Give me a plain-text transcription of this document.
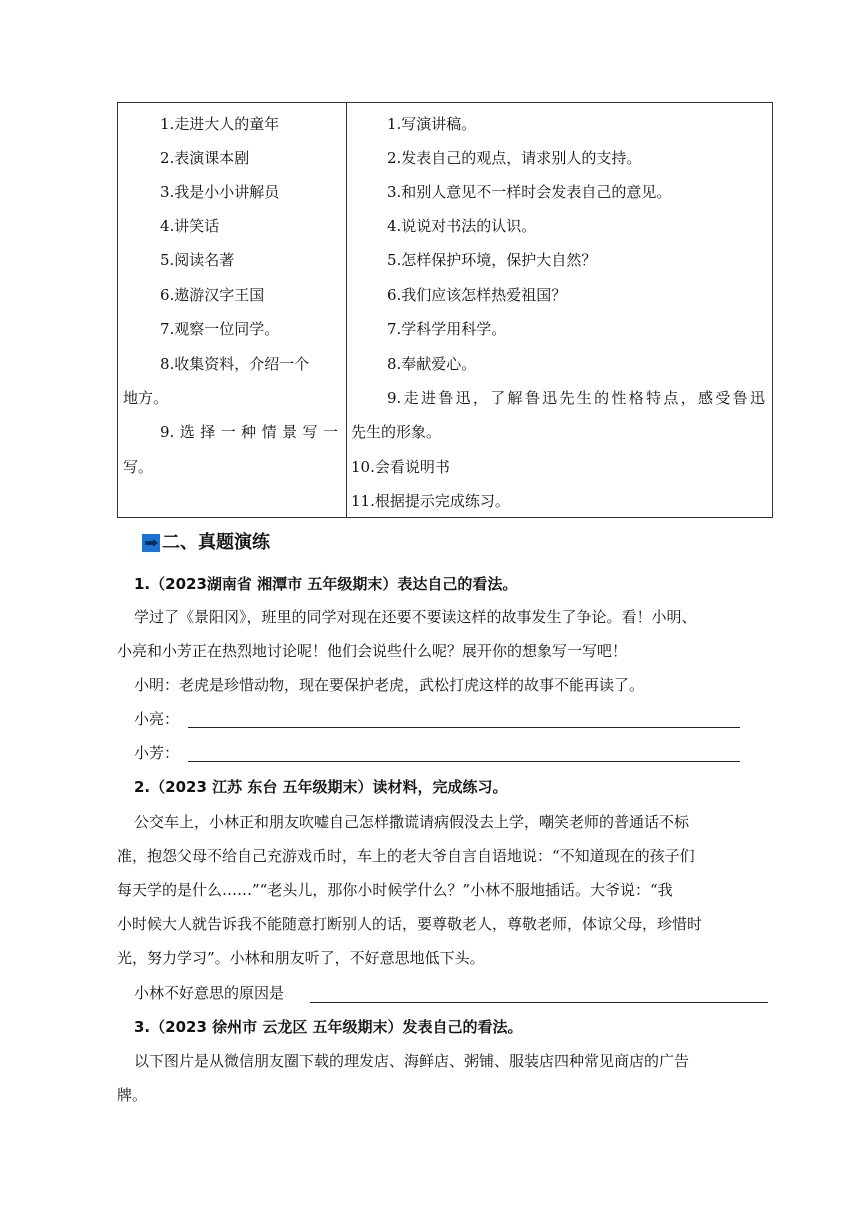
1.走进大人的童年
2.表演课本剧
3.我是小小讲解员
4.讲笑话
5.阅读名著
6.遨游汉字王国
7.观察一位同学。
8.收集资料，介绍一个
地方。
9.选择一种情景写一
写。
1.写演讲稿。
2.发表自己的观点，请求别人的支持。
3.和别人意见不一样时会发表自己的意见。
4.说说对书法的认识。
5.怎样保护环境，保护大自然？
6.我们应该怎样热爱祖国？
7.学科学用科学。
8.奉献爱心。
9.走进鲁迅，了解鲁迅先生的性格特点，感受鲁迅
先生的形象。
10.会看说明书
11.根据提示完成练习。
二、真题演练
1.（2023湖南省 湘潭市 五年级期末）表达自己的看法。
学过了《景阳冈》，班里的同学对现在还要不要读这样的故事发生了争论。看！小明、
小亮和小芳正在热烈地讨论呢！他们会说些什么呢？展开你的想象写一写吧！
小明：老虎是珍惜动物，现在要保护老虎，武松打虎这样的故事不能再读了。
小亮：
小芳：
2.（2023 江苏 东台 五年级期末）读材料，完成练习。
公交车上，小林正和朋友吹嘘自己怎样撒谎请病假没去上学，嘲笑老师的普通话不标
准，抱怨父母不给自己充游戏币时，车上的老大爷自言自语地说：“不知道现在的孩子们
每天学的是什么……”“老头儿，那你小时候学什么？”小林不服地插话。大爷说：“我
小时候大人就告诉我不能随意打断别人的话，要尊敬老人，尊敬老师，体谅父母，珍惜时
光，努力学习”。小林和朋友听了，不好意思地低下头。
小林不好意思的原因是
3.（2023 徐州市 云龙区 五年级期末）发表自己的看法。
以下图片是从微信朋友圈下载的理发店、海鲜店、粥铺、服装店四种常见商店的广告
牌。
